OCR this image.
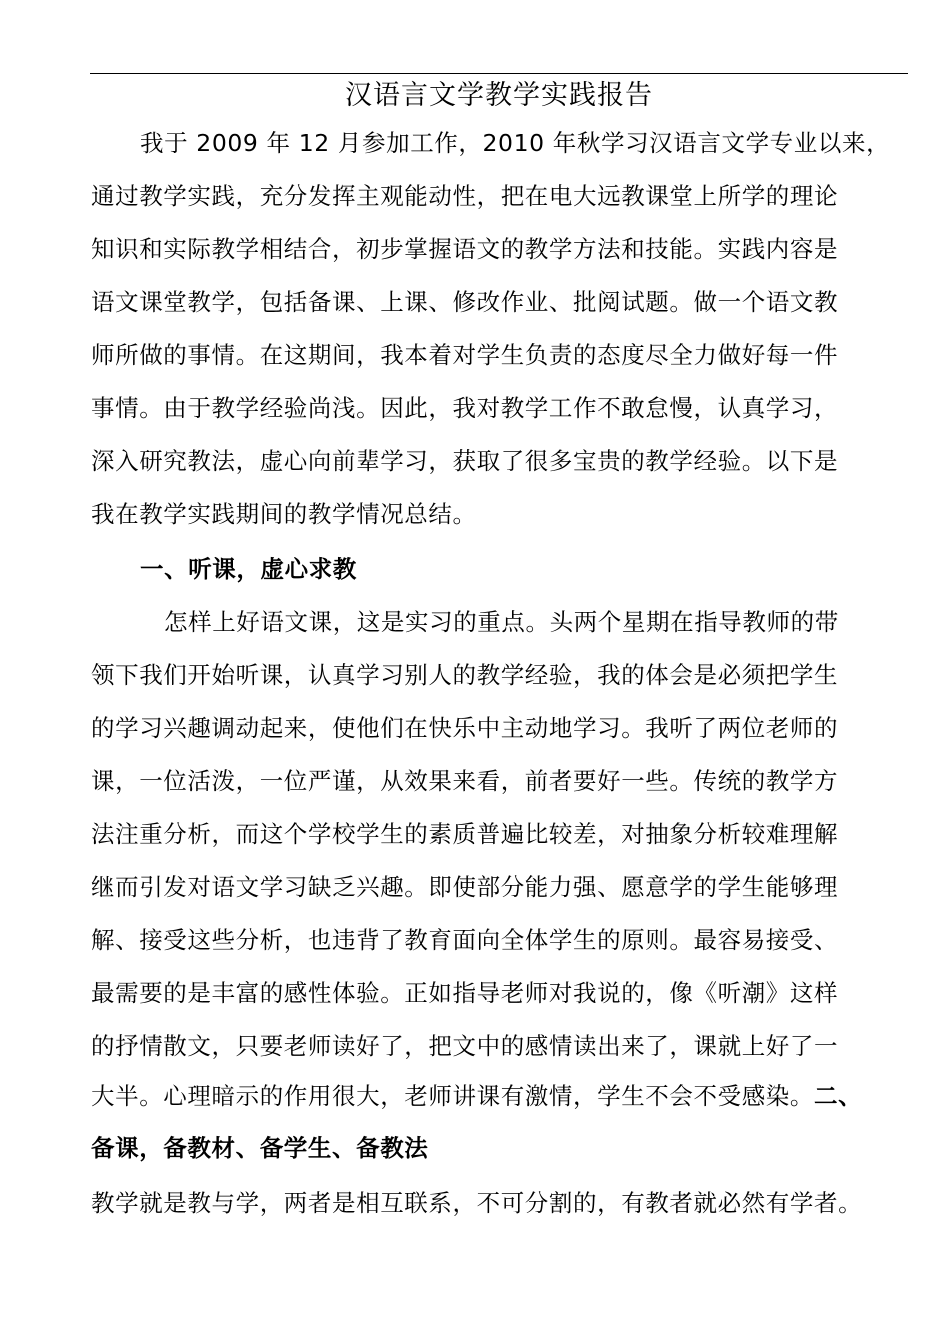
汉语言文学教学实践报告
我于 2009 年 12 月参加工作，2010 年秋学习汉语言文学专业以来，
通过教学实践，充分发挥主观能动性，把在电大远教课堂上所学的理论
知识和实际教学相结合，初步掌握语文的教学方法和技能。实践内容是
语文课堂教学，包括备课、上课、修改作业、批阅试题。做一个语文教
师所做的事情。在这期间，我本着对学生负责的态度尽全力做好每一件
事情。由于教学经验尚浅。因此，我对教学工作不敢怠慢，认真学习，
深入研究教法，虚心向前辈学习，获取了很多宝贵的教学经验。以下是
我在教学实践期间的教学情况总结。
一、听课，虚心求教
怎样上好语文课，这是实习的重点。头两个星期在指导教师的带
领下我们开始听课，认真学习别人的教学经验，我的体会是必须把学生
的学习兴趣调动起来，使他们在快乐中主动地学习。我听了两位老师的
课，一位活泼，一位严谨，从效果来看，前者要好一些。传统的教学方
法注重分析，而这个学校学生的素质普遍比较差，对抽象分析较难理解
继而引发对语文学习缺乏兴趣。即使部分能力强、愿意学的学生能够理
解、接受这些分析，也违背了教育面向全体学生的原则。最容易接受、
最需要的是丰富的感性体验。正如指导老师对我说的，像《听潮》这样
的抒情散文，只要老师读好了，把文中的感情读出来了，课就上好了一
大半。心理暗示的作用很大，老师讲课有激情，学生不会不受感染。二、
备课，备教材、备学生、备教法
教学就是教与学，两者是相互联系，不可分割的，有教者就必然有学者。
